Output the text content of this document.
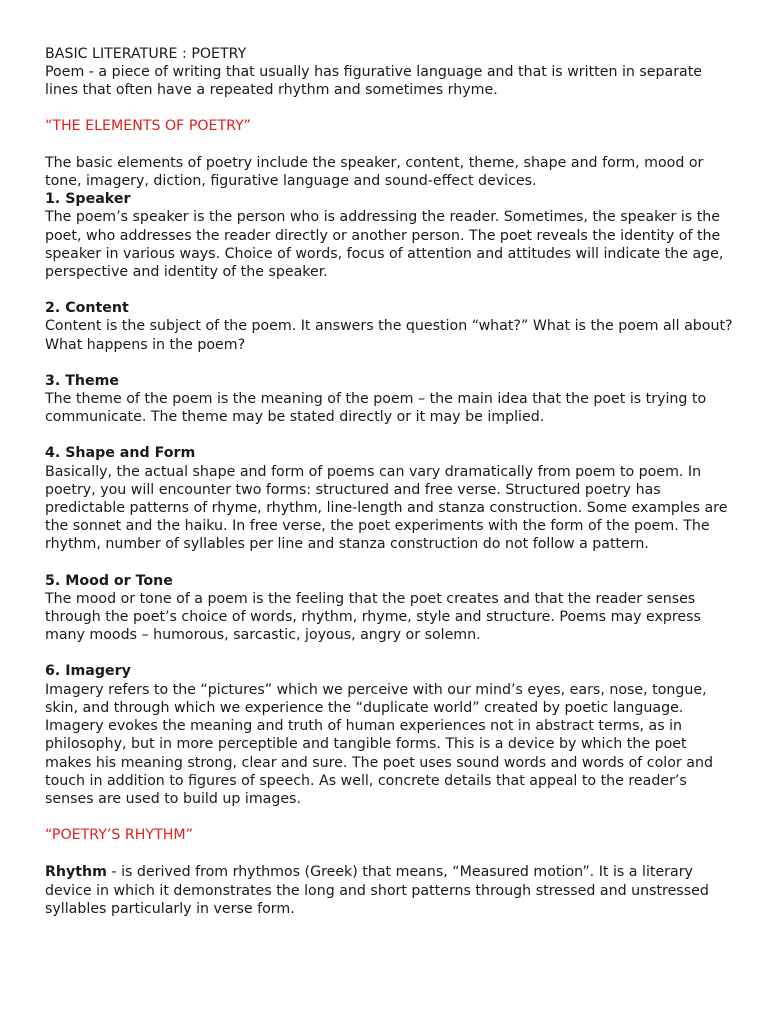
BASIC LITERATURE : POETRY

Poem - a piece of writing that usually has figurative language and that is written in separate lines that often have a repeated rhythm and sometimes rhyme.

“THE ELEMENTS OF POETRY”

The basic elements of poetry include the speaker, content, theme, shape and form, mood or tone, imagery, diction, figurative language and sound-effect devices.

1. Speaker

The poem’s speaker is the person who is addressing the reader. Sometimes, the speaker is the poet, who addresses the reader directly or another person. The poet reveals the identity of the speaker in various ways. Choice of words, focus of attention and attitudes will indicate the age, perspective and identity of the speaker.

2. Content

Content is the subject of the poem. It answers the question “what?” What is the poem all about? What happens in the poem?

3. Theme

The theme of the poem is the meaning of the poem – the main idea that the poet is trying to communicate. The theme may be stated directly or it may be implied.

4. Shape and Form

Basically, the actual shape and form of poems can vary dramatically from poem to poem. In poetry, you will encounter two forms: structured and free verse. Structured poetry has predictable patterns of rhyme, rhythm, line-length and stanza construction. Some examples are the sonnet and the haiku. In free verse, the poet experiments with the form of the poem. The rhythm, number of syllables per line and stanza construction do not follow a pattern.

5. Mood or Tone

The mood or tone of a poem is the feeling that the poet creates and that the reader senses through the poet’s choice of words, rhythm, rhyme, style and structure. Poems may express many moods – humorous, sarcastic, joyous, angry or solemn.

6. Imagery

Imagery refers to the “pictures” which we perceive with our mind’s eyes, ears, nose, tongue, skin, and through which we experience the “duplicate world” created by poetic language. Imagery evokes the meaning and truth of human experiences not in abstract terms, as in philosophy, but in more perceptible and tangible forms. This is a device by which the poet makes his meaning strong, clear and sure. The poet uses sound words and words of color and touch in addition to figures of speech. As well, concrete details that appeal to the reader’s senses are used to build up images.

“POETRY’S RHYTHM”

Rhythm - is derived from rhythmos (Greek) that means, “Measured motion”. It is a literary device in which it demonstrates the long and short patterns through stressed and unstressed syllables particularly in verse form.
